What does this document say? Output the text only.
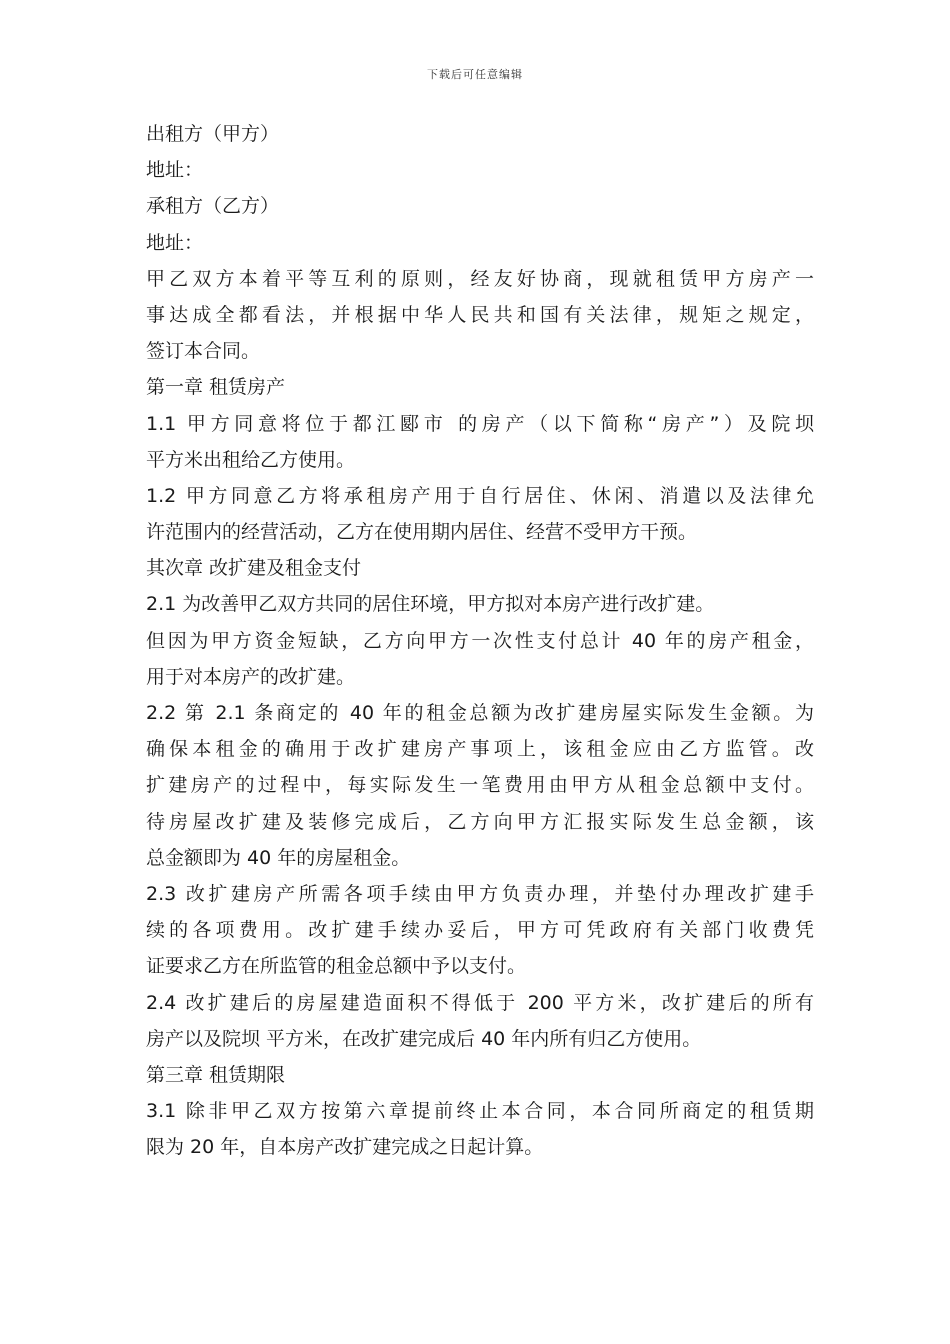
下载后可任意编辑
出租方（甲方）
地址：
承租方（乙方）
地址：
甲乙双方本着平等互利的原则，经友好协商，现就租赁甲方房产一
事达成全都看法，并根据中华人民共和国有关法律，规矩之规定，
签订本合同。
第一章 租赁房产
1.1 甲方同意将位于都江郾市 的房产（以下简称“房产”）及院坝
平方米出租给乙方使用。
1.2 甲方同意乙方将承租房产用于自行居住、休闲、消遣以及法律允
许范围内的经营活动，乙方在使用期内居住、经营不受甲方干预。
其次章 改扩建及租金支付
2.1 为改善甲乙双方共同的居住环境，甲方拟对本房产进行改扩建。
但因为甲方资金短缺，乙方向甲方一次性支付总计 40 年的房产租金，
用于对本房产的改扩建。
2.2 第 2.1 条商定的 40 年的租金总额为改扩建房屋实际发生金额。为
确保本租金的确用于改扩建房产事项上，该租金应由乙方监管。改
扩建房产的过程中，每实际发生一笔费用由甲方从租金总额中支付。
待房屋改扩建及装修完成后，乙方向甲方汇报实际发生总金额，该
总金额即为 40 年的房屋租金。
2.3 改扩建房产所需各项手续由甲方负责办理，并垫付办理改扩建手
续的各项费用。改扩建手续办妥后，甲方可凭政府有关部门收费凭
证要求乙方在所监管的租金总额中予以支付。
2.4 改扩建后的房屋建造面积不得低于 200 平方米，改扩建后的所有
房产以及院坝 平方米，在改扩建完成后 40 年内所有归乙方使用。
第三章 租赁期限
3.1 除非甲乙双方按第六章提前终止本合同，本合同所商定的租赁期
限为 20 年，自本房产改扩建完成之日起计算。
